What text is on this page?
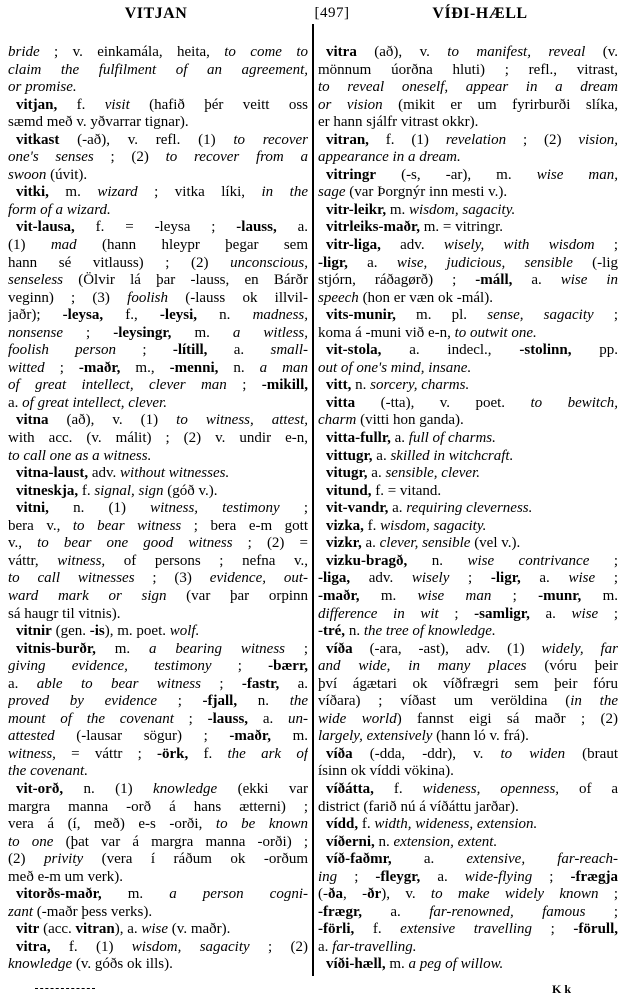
VITJAN	[497]	VÍÐI-HÆLL
bride ; v. einkamála, heita, to come to
claim the fulfilment of an agreement,
or promise.
vitjan, f. visit (hafið þér veitt oss
sæmd með v. yðvarrar tignar).
vitkast (-að), v. refl. (1) to recover
one's senses ; (2) to recover from a
swoon (úvit).
vitki, m. wizard ; vitka líki, in the
form of a wizard.
vit-lausa, f. = -leysa ; -lauss, a.
(1) mad (hann hleypr þegar sem
hann sé vitlauss) ; (2) unconscious,
senseless (Ölvir lá þar -lauss, en Bárðr
veginn) ; (3) foolish (-lauss ok illvil-
jaðr); -leysa, f., -leysi, n. madness,
nonsense ; -leysingr, m. a witless,
foolish person ; -lítill, a. small-
witted ; -maðr, m., -menni, n. a man
of great intellect, clever man ; -mikill,
a. of great intellect, clever.
vitna (að), v. (1) to witness, attest,
with acc. (v. málit) ; (2) v. undir e-n,
to call one as a witness.
vitna-laust, adv. without witnesses.
vitneskja, f. signal, sign (góð v.).
vitni, n. (1) witness, testimony ;
bera v., to bear witness ; bera e-m gott
v., to bear one good witness ; (2) =
váttr, witness, of persons ; nefna v.,
to call witnesses ; (3) evidence, out-
ward mark or sign (var þar orpinn
sá haugr til vitnis).
vitnir (gen. -is), m. poet. wolf.
vitnis-burðr, m. a bearing witness ;
giving evidence, testimony ; -bærr,
a. able to bear witness ; -fastr, a.
proved by evidence ; -fjall, n. the
mount of the covenant ; -lauss, a. un-
attested (-lausar sögur) ; -maðr, m.
witness, = váttr ; -örk, f. the ark of
the covenant.
vit-orð, n. (1) knowledge (ekki var
margra manna -orð á hans ætterni) ;
vera á (í, með) e-s -orði, to be known
to one (þat var á margra manna -orði) ;
(2) privity (vera í ráðum ok -orðum
með e-m um verk).
vitorðs-maðr, m. a person cogni-
zant (-maðr þess verks).
vitr (acc. vitran), a. wise (v. maðr).
vitra, f. (1) wisdom, sagacity ; (2)
knowledge (v. góðs ok ills).
vitra (að), v. to manifest, reveal (v.
mönnum úorðna hluti) ; refl., vitrast,
to reveal oneself, appear in a dream
or vision (mikit er um fyrirburði slíka,
er hann sjálfr vitrast okkr).
vitran, f. (1) revelation ; (2) vision,
appearance in a dream.
vitringr (-s, -ar), m. wise man,
sage (var Þorgnýr inn mesti v.).
vitr-leikr, m. wisdom, sagacity.
vitrleiks-maðr, m. = vitringr.
vitr-liga, adv. wisely, with wisdom ;
-ligr, a. wise, judicious, sensible (-lig
stjórn, ráðagørð) ; -máll, a. wise in
speech (hon er væn ok -mál).
vits-munir, m. pl. sense, sagacity ;
koma á -muni við e-n, to outwit one.
vit-stola, a. indecl., -stolinn, pp.
out of one's mind, insane.
vitt, n. sorcery, charms.
vitta (-tta), v. poet. to bewitch,
charm (vitti hon ganda).
vitta-fullr, a. full of charms.
vittugr, a. skilled in witchcraft.
vitugr, a. sensible, clever.
vitund, f. = vitand.
vit-vandr, a. requiring cleverness.
vizka, f. wisdom, sagacity.
vizkr, a. clever, sensible (vel v.).
vizku-bragð, n. wise contrivance ;
-liga, adv. wisely ; -ligr, a. wise ;
-maðr, m. wise man ; -munr, m.
difference in wit ; -samligr, a. wise ;
-tré, n. the tree of knowledge.
víða (-ara, -ast), adv. (1) widely, far
and wide, in many places (vóru þeir
því ágætari ok víðfrægri sem þeir fóru
víðara) ; víðast um veröldina (in the
wide world) fannst eigi sá maðr ; (2)
largely, extensively (hann ló v. frá).
víða (-dda, -ddr), v. to widen (braut
ísinn ok víddi vökina).
víðátta, f. wideness, openness, of a
district (farið nú á víðáttu jarðar).
vídd, f. width, wideness, extension.
víðerni, n. extension, extent.
víð-faðmr, a. extensive, far-reach-
ing ; -fleygr, a. wide-flying ; -frægja
(-ða, -ðr), v. to make widely known ;
-frægr, a. far-renowned, famous ;
-förli, f. extensive travelling ; -förull,
a. far-travelling.
víði-hæll, m. a peg of willow.
K k
